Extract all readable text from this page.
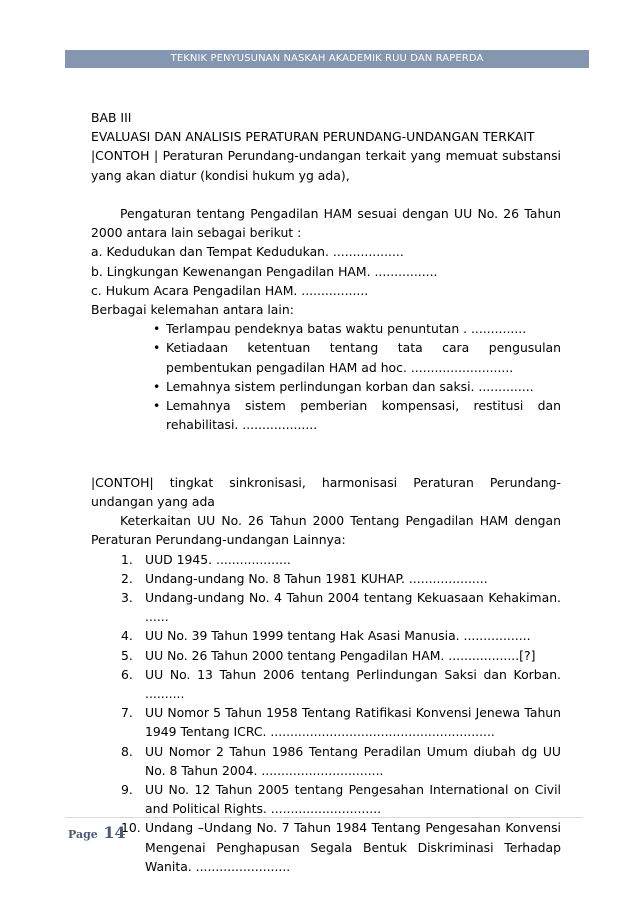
TEKNIK PENYUSUNAN NASKAH AKADEMIK RUU DAN RAPERDA

BAB III

EVALUASI DAN ANALISIS PERATURAN PERUNDANG-UNDANGAN TERKAIT

|CONTOH | Peraturan Perundang-undangan terkait yang memuat substansi yang akan diatur (kondisi hukum yg ada),

Pengaturan tentang Pengadilan HAM sesuai dengan UU No. 26 Tahun 2000 antara lain sebagai berikut :

a. Kedudukan dan Tempat Kedudukan. ..................

b. Lingkungan Kewenangan Pengadilan HAM. ................

c. Hukum Acara Pengadilan HAM. .................

Berbagai kelemahan antara lain:

• Terlampau pendeknya batas waktu penuntutan . ..............
• Ketiadaan ketentuan tentang tata cara pengusulan pembentukan pengadilan HAM ad hoc. ..........................
• Lemahnya sistem perlindungan korban dan saksi. ..............
• Lemahnya sistem pemberian kompensasi, restitusi dan rehabilitasi. ...................

|CONTOH| tingkat sinkronisasi, harmonisasi Peraturan Perundang-undangan yang ada

Keterkaitan UU No. 26 Tahun 2000 Tentang Pengadilan HAM dengan Peraturan Perundang-undangan Lainnya:

1. UUD 1945. ...................
2. Undang-undang No. 8 Tahun 1981 KUHAP. ....................
3. Undang-undang No. 4 Tahun 2004 tentang Kekuasaan Kehakiman. ......
4. UU No. 39 Tahun 1999 tentang Hak Asasi Manusia. .................
5. UU No. 26 Tahun 2000 tentang Pengadilan HAM. ..................[?]
6. UU No. 13 Tahun 2006 tentang Perlindungan Saksi dan Korban. ..........
7. UU Nomor 5 Tahun 1958 Tentang Ratifikasi Konvensi Jenewa Tahun 1949 Tentang ICRC. .........................................................
8. UU Nomor 2 Tahun 1986 Tentang Peradilan Umum diubah dg UU No. 8 Tahun 2004. ...............................
9. UU No. 12 Tahun 2005 tentang Pengesahan International on Civil and Political Rights. ............................
10. Undang –Undang No. 7 Tahun 1984 Tentang Pengesahan Konvensi Mengenai Penghapusan Segala Bentuk Diskriminasi Terhadap Wanita. ........................
Page 14
